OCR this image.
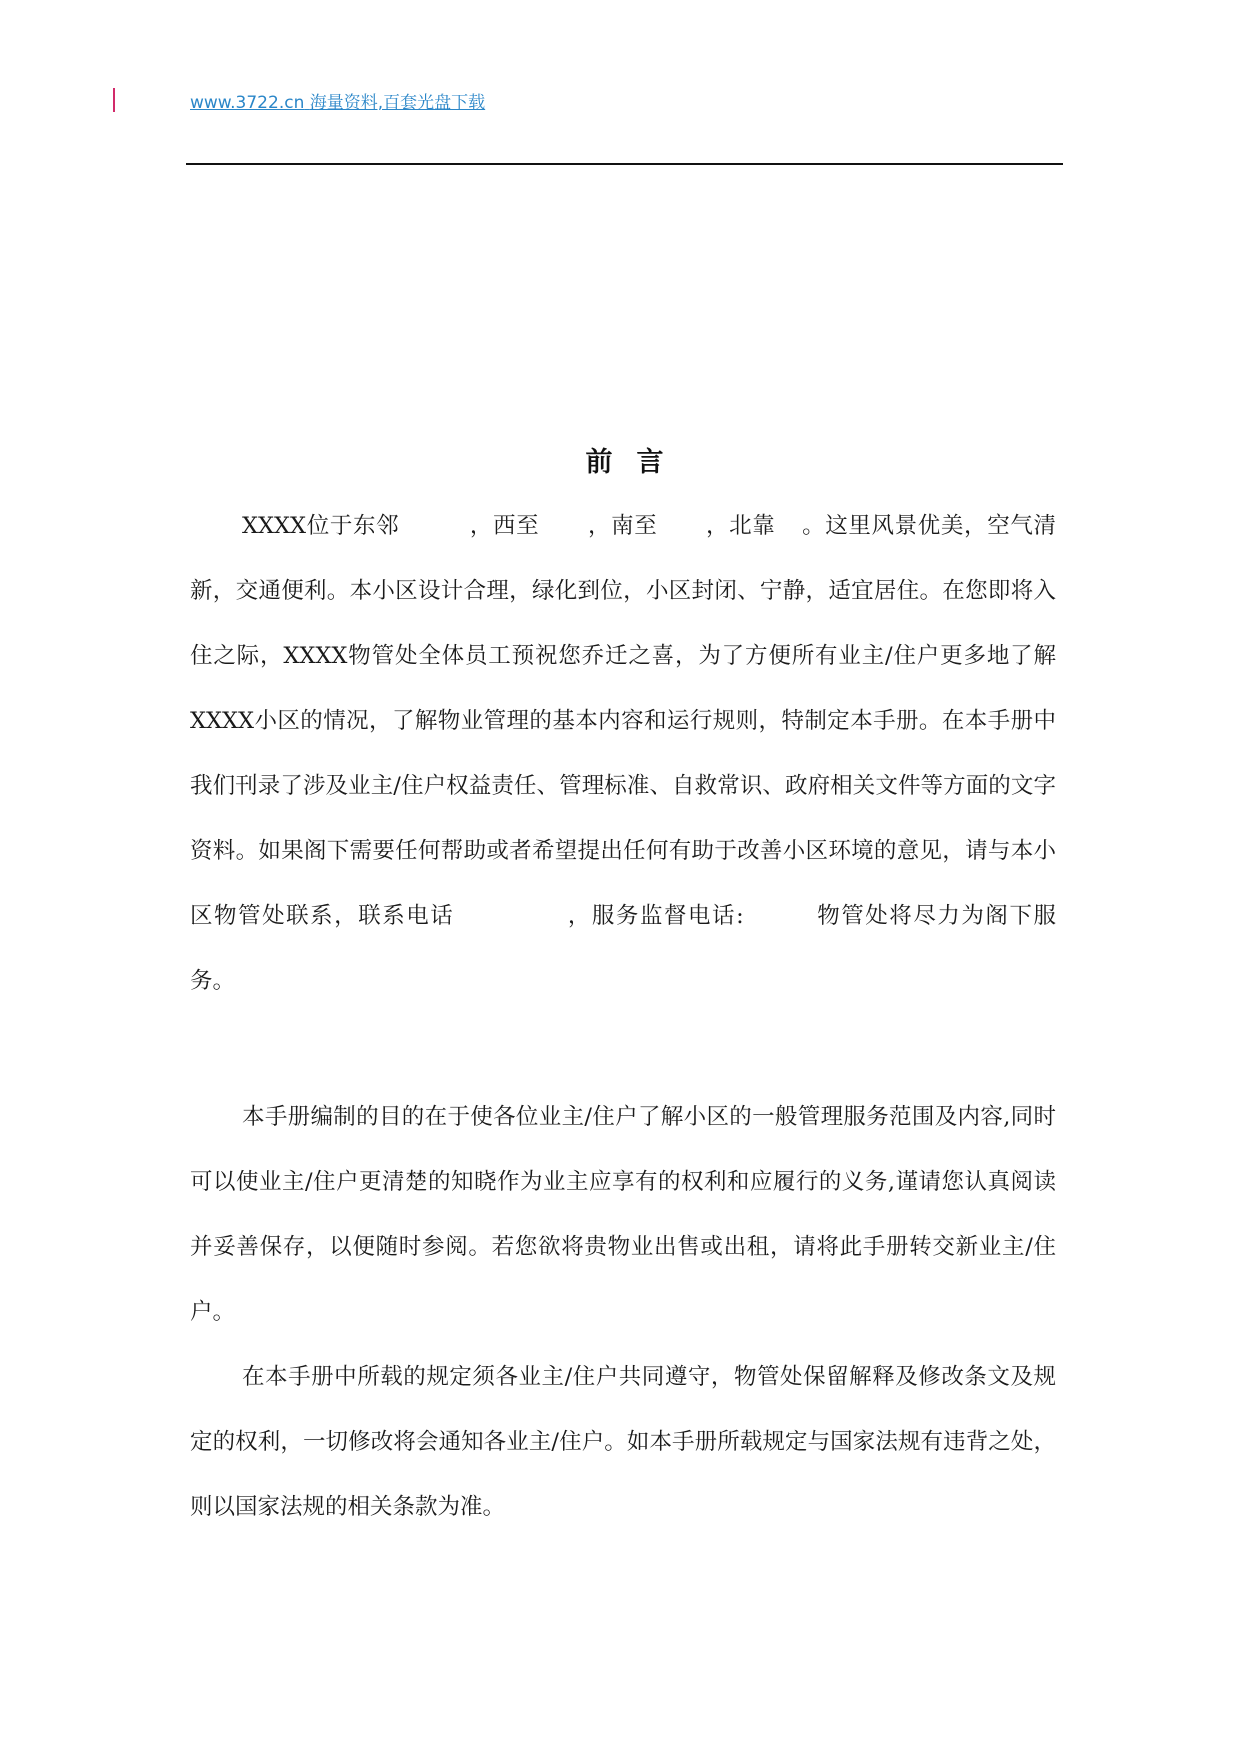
www.3722.cn 海量资料,百套光盘下载
前言

XXXX位于东邻	，西至 ，南至 ，北靠 。这里风景优美，空气清新，交通便利。本小区设计合理，绿化到位，小区封闭、宁静，适宜居住。在您即将入住之际，XXXX物管处全体员工预祝您乔迁之喜，为了方便所有业主/住户更多地了解XXXX小区的情况，了解物业管理的基本内容和运行规则，特制定本手册。在本手册中我们刊录了涉及业主/住户权益责任、管理标准、自救常识、政府相关文件等方面的文字资料。如果阁下需要任何帮助或者希望提出任何有助于改善小区环境的意见，请与本小区物管处联系，联系电话	，服务监督电话:	物管处将尽力为阁下服务。

本手册编制的目的在于使各位业主/住户了解小区的一般管理服务范围及内容,同时可以使业主/住户更清楚的知晓作为业主应享有的权利和应履行的义务,谨请您认真阅读并妥善保存，以便随时参阅。若您欲将贵物业出售或出租，请将此手册转交新业主/住户。

在本手册中所载的规定须各业主/住户共同遵守，物管处保留解释及修改条文及规定的权利，一切修改将会通知各业主/住户。如本手册所载规定与国家法规有违背之处，则以国家法规的相关条款为准。
